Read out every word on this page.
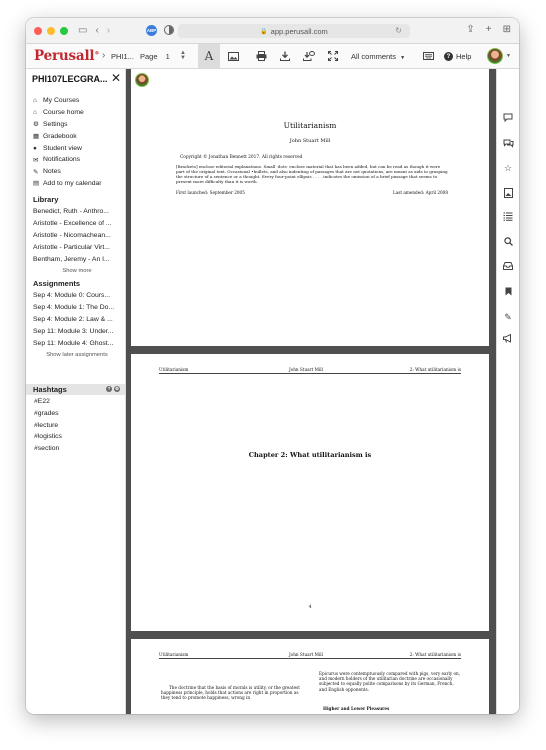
▭ ‹ ›	ABP	🔒 app.perusall.com	↻	⇪ + ⊞
Perusall® › PHI1... Page 1 ▲
▼	A	All comments ▼	? Help	▼
PHI107LECGRA... ✕
⌂ My Courses
⌂ Course home
⚙ Settings
▦ Gradebook
● Student view
✉ Notifications
✎ Notes
▤ Add to my calendar
Library
Benedict, Ruth - Anthro...
Aristotle - Excellence of ...
Aristotle - Nicomachean...
Aristotle - Particular Virt...
Bentham, Jeremy - An I...
Show more
Assignments
Sep 4: Module 0: Cours...
Sep 4: Module 1: The Do...
Sep 4: Module 2: Law & ...
Sep 11: Module 3: Under...
Sep 11: Module 4: Ghost...
Show later assignments
Hashtags	?	⚙
#E22
#grades
#lecture
#logistics
#section
Utilitarianism
John Stuart Mill
Copyright © Jonathan Bennett 2017. All rights reserved
[Brackets] enclose editorial explanations. Small ·dots· enclose material that has been added, but can be read as though it were part of the original text. Occasional •bullets, and also indenting of passages that are not quotations, are meant as aids to grasping the structure of a sentence or a thought. Every four-point ellipsis . . . . indicates the omission of a brief passage that seems to present more difficulty than it is worth.
First launched: September 2005	Last amended: April 2008
Utilitarianism	John Stuart Mill	2: What utilitarianism is
Chapter 2: What utilitarianism is
4
Utilitarianism	John Stuart Mill	2: What utilitarianism is
The doctrine that the basis of morals is utility, or the greatest happiness principle, holds that actions are right in proportion as they tend to promote happiness, wrong in
Epicurus were contemptuously compared with pigs, very early on, and modern holders of the utilitarian doctrine are occasionally subjected to equally polite comparisons by its German, French, and English opponents.
Higher and Lower Pleasures
☆
✎
